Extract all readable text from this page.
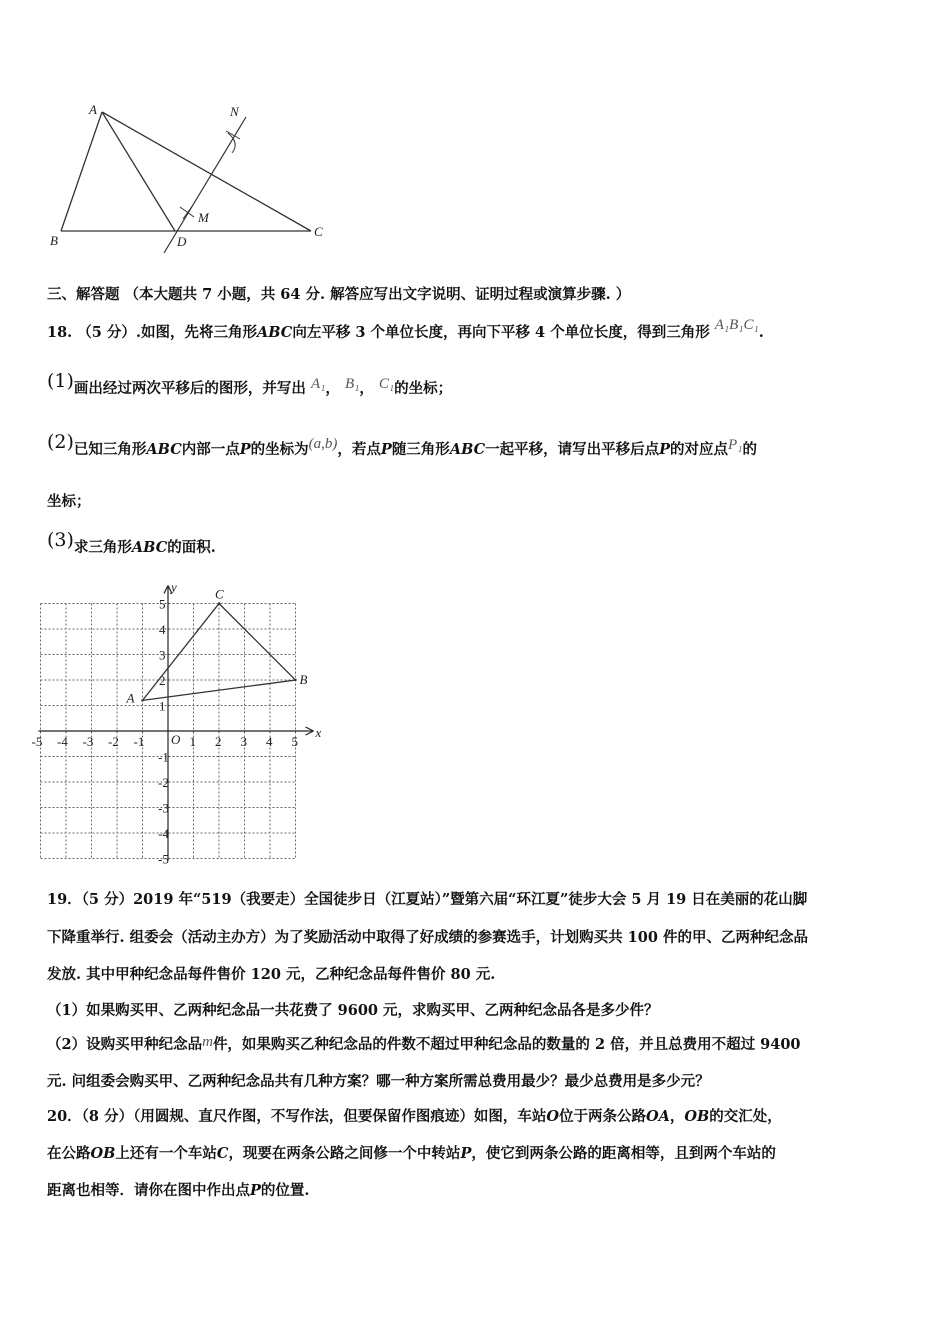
A
B
C
D
M
N
三、解答题 （本大题共 7 小题，共 64 分. 解答应写出文字说明、证明过程或演算步骤. ）
18. （5 分）.如图，先将三角形ABC向左平移 3 个单位长度，再向下平移 4 个单位长度，得到三角形 A₁B₁C₁.
(1)画出经过两次平移后的图形，并写出 A₁， B₁， C₁的坐标；
(2)已知三角形ABC内部一点P的坐标为(a,b)，若点P随三角形ABC一起平移，请写出平移后点P的对应点P₁的
坐标；
(3)求三角形ABC的面积.
x
y
O
-5 -4 -3 -2 -1	1 2 3 4 5
5
4
3
2
1
-1
-2
-3
-4
-5
A
B
C
19．（5 分）2019 年“519（我要走）全国徒步日（江夏站）”暨第六届“环江夏”徒步大会 5 月 19 日在美丽的花山脚
下降重举行. 组委会（活动主办方）为了奖励活动中取得了好成绩的参赛选手，计划购买共 100 件的甲、乙两种纪念品
发放. 其中甲种纪念品每件售价 120 元，乙种纪念品每件售价 80 元.
（1）如果购买甲、乙两种纪念品一共花费了 9600 元，求购买甲、乙两种纪念品各是多少件？
（2）设购买甲种纪念品m件，如果购买乙种纪念品的件数不超过甲种纪念品的数量的 2 倍，并且总费用不超过 9400
元. 问组委会购买甲、乙两种纪念品共有几种方案？哪一种方案所需总费用最少？最少总费用是多少元？
20．（8 分）（用圆规、直尺作图，不写作法，但要保留作图痕迹）如图，车站O位于两条公路OA，OB的交汇处，
在公路OB上还有一个车站C，现要在两条公路之间修一个中转站P，使它到两条公路的距离相等，且到两个车站的
距离也相等．请你在图中作出点P的位置.
